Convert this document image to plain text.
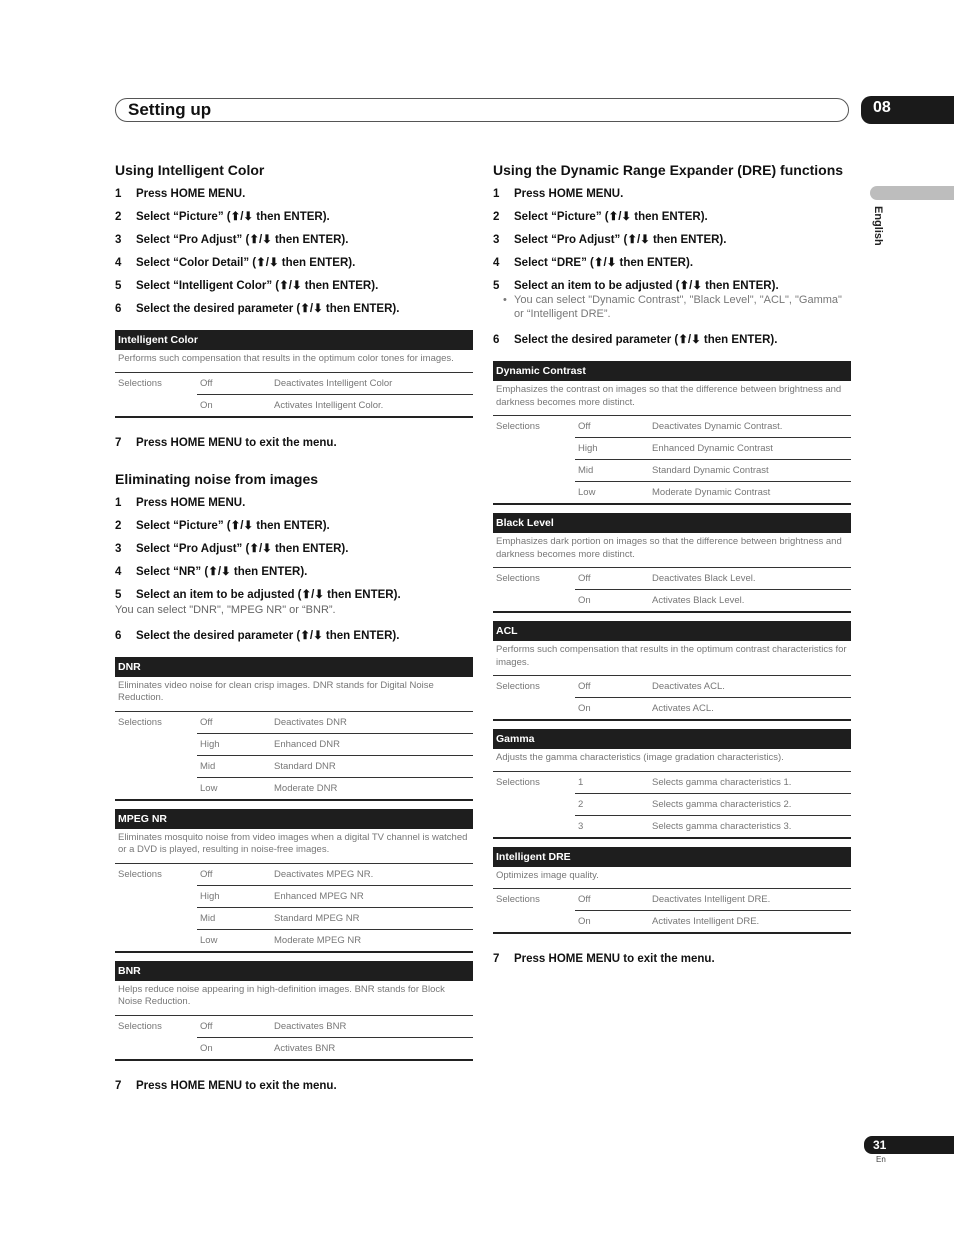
Setting up	08
English
31
En
Using Intelligent Color
1 Press HOME MENU.
2 Select “Picture” (⬆/⬇ then ENTER).
3 Select “Pro Adjust” (⬆/⬇ then ENTER).
4 Select “Color Detail” (⬆/⬇ then ENTER).
5 Select “Intelligent Color” (⬆/⬇ then ENTER).
6 Select the desired parameter (⬆/⬇ then ENTER).
Intelligent Color		
Performs such compensation that results in the optimum color tones for images.		
Selections	Off	Deactivates Intelligent Color
	On	Activates Intelligent Color.
7 Press HOME MENU to exit the menu.
Eliminating noise from images
1 Press HOME MENU.
2 Select “Picture” (⬆/⬇ then ENTER).
3 Select “Pro Adjust” (⬆/⬇ then ENTER).
4 Select “NR” (⬆/⬇ then ENTER).
5 Select an item to be adjusted (⬆/⬇ then ENTER).
You can select "DNR", "MPEG NR" or “BNR”.
6 Select the desired parameter (⬆/⬇ then ENTER).
DNR		
Eliminates video noise for clean crisp images. DNR stands for Digital Noise Reduction.		
Selections	Off	Deactivates DNR
	High	Enhanced DNR
	Mid	Standard DNR
	Low	Moderate DNR
MPEG NR		
Eliminates mosquito noise from video images when a digital TV channel is watched or a DVD is played, resulting in noise-free images.		
Selections	Off	Deactivates MPEG NR.
	High	Enhanced MPEG NR
	Mid	Standard MPEG NR
	Low	Moderate MPEG NR
BNR		
Helps reduce noise appearing in high-definition images. BNR stands for Block Noise Reduction.		
Selections	Off	Deactivates BNR
	On	Activates BNR
7 Press HOME MENU to exit the menu.
Using the Dynamic Range Expander (DRE) functions
1 Press HOME MENU.
2 Select “Picture” (⬆/⬇ then ENTER).
3 Select “Pro Adjust” (⬆/⬇ then ENTER).
4 Select “DRE” (⬆/⬇ then ENTER).
5 Select an item to be adjusted (⬆/⬇ then ENTER).
• You can select "Dynamic Contrast", "Black Level", "ACL", "Gamma" or “Intelligent DRE”.
6 Select the desired parameter (⬆/⬇ then ENTER).
Dynamic Contrast		
Emphasizes the contrast on images so that the difference between brightness and darkness becomes more distinct.		
Selections	Off	Deactivates Dynamic Contrast.
	High	Enhanced Dynamic Contrast
	Mid	Standard Dynamic Contrast
	Low	Moderate Dynamic Contrast
Black Level		
Emphasizes dark portion on images so that the difference between brightness and darkness becomes more distinct.		
Selections	Off	Deactivates Black Level.
	On	Activates Black Level.
ACL		
Performs such compensation that results in the optimum contrast characteristics for images.		
Selections	Off	Deactivates ACL.
	On	Activates ACL.
Gamma		
Adjusts the gamma characteristics (image gradation characteristics).		
Selections	1	Selects gamma characteristics 1.
	2	Selects gamma characteristics 2.
	3	Selects gamma characteristics 3.
Intelligent DRE		
Optimizes image quality.		
Selections	Off	Deactivates Intelligent DRE.
	On	Activates Intelligent DRE.
7 Press HOME MENU to exit the menu.
